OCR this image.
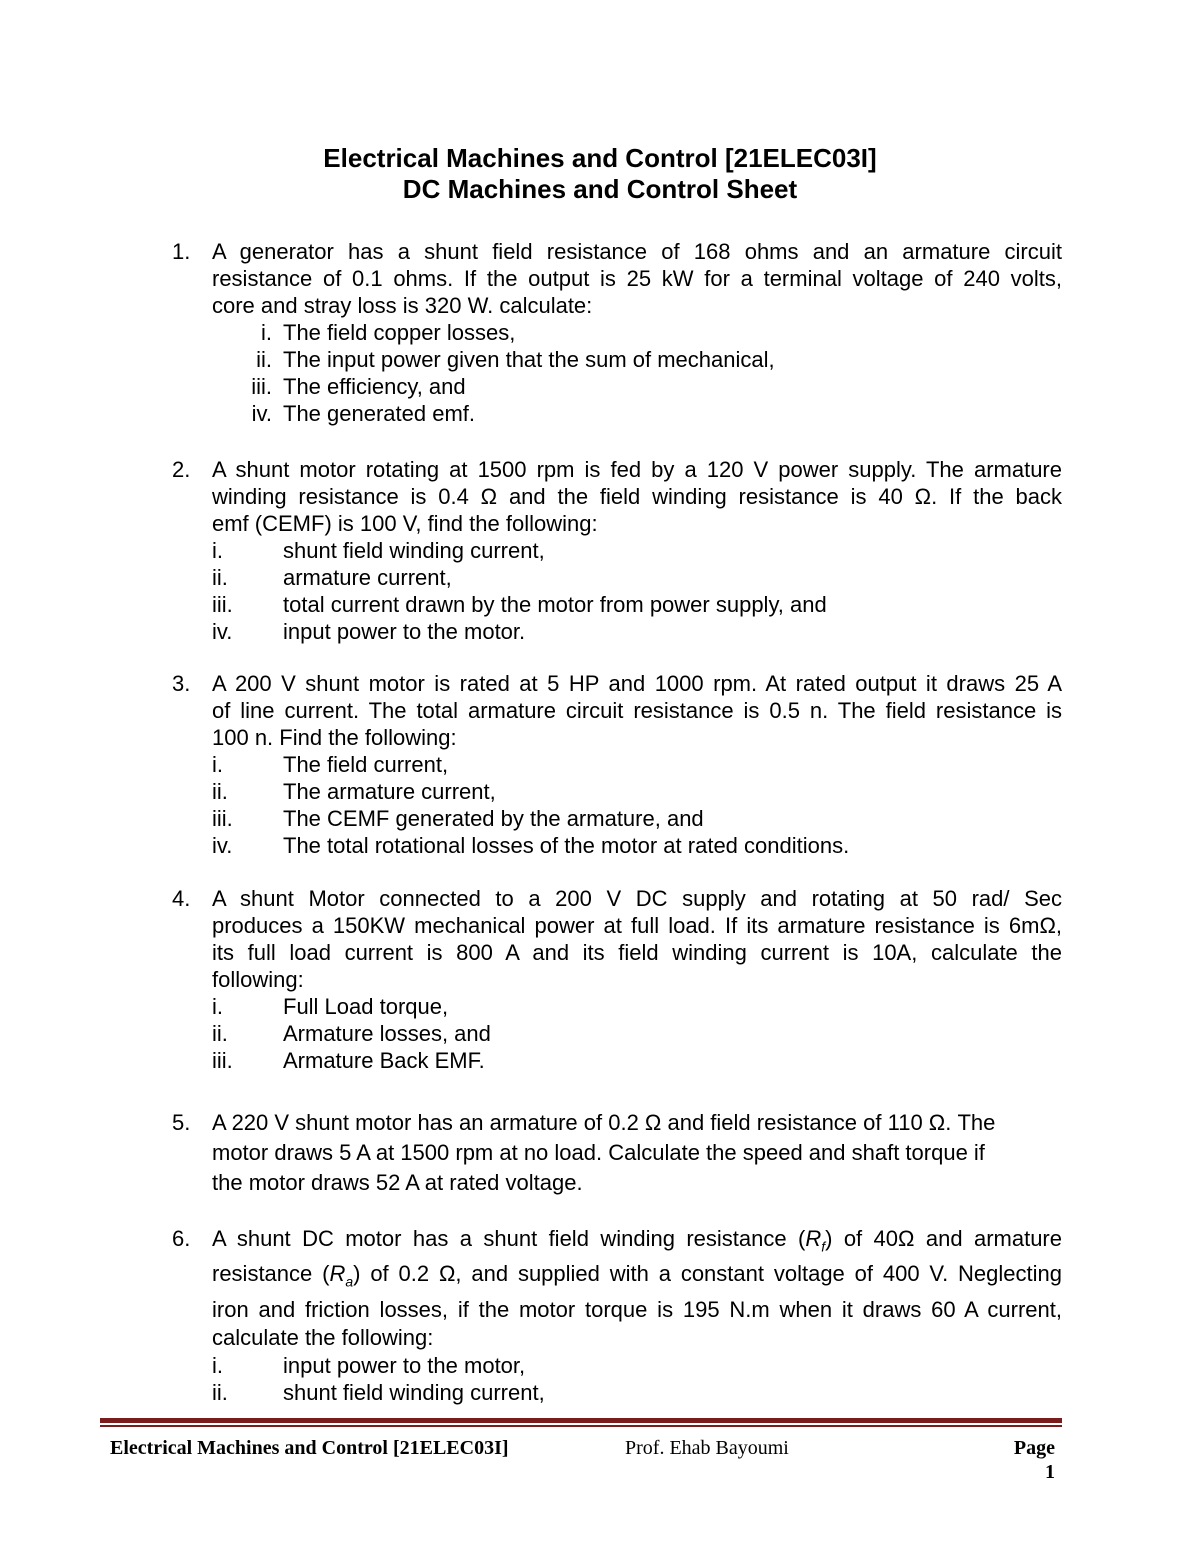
Electrical Machines and Control [21ELEC03I]
DC Machines and Control Sheet
1. A generator has a shunt field resistance of 168 ohms and an armature circuit
resistance of 0.1 ohms. If the output is 25 kW for a terminal voltage of 240 volts,
core and stray loss is 320 W. calculate:
i. The field copper losses,
ii. The input power given that the sum of mechanical,
iii. The efficiency, and
iv. The generated emf.
2. A shunt motor rotating at 1500 rpm is fed by a 120 V power supply. The armature
winding resistance is 0.4 Ω and the field winding resistance is 40 Ω. If the back
emf (CEMF) is 100 V, find the following:
i.	shunt field winding current,
ii.	armature current,
iii. total current drawn by the motor from power supply, and
iv. input power to the motor.
3. A 200 V shunt motor is rated at 5 HP and 1000 rpm. At rated output it draws 25 A
of line current. The total armature circuit resistance is 0.5 n. The field resistance is
100 n. Find the following:
i.	The field current,
ii.	The armature current,
iii. The CEMF generated by the armature, and
iv. The total rotational losses of the motor at rated conditions.
4. A shunt Motor connected to a 200 V DC supply and rotating at 50 rad/ Sec
produces a 150KW mechanical power at full load. If its armature resistance is 6mΩ,
its full load current is 800 A and its field winding current is 10A, calculate the
following:
i.	Full Load torque,
ii.	Armature losses, and
iii. Armature Back EMF.
5. A 220 V shunt motor has an armature of 0.2 Ω and field resistance of 110 Ω. The
motor draws 5 A at 1500 rpm at no load. Calculate the speed and shaft torque if
the motor draws 52 A at rated voltage.
6. A shunt DC motor has a shunt field winding resistance $(R_f)$ of 40Ω and armature
resistance $(R_a)$ of 0.2 Ω, and supplied with a constant voltage of 400 V. Neglecting
iron and friction losses, if the motor torque is 195 N.m when it draws 60 A current,
calculate the following:
i.	input power to the motor,
ii.	shunt field winding current,
Electrical Machines and Control [21ELEC03I]	Prof. Ehab Bayoumi	Page 1
